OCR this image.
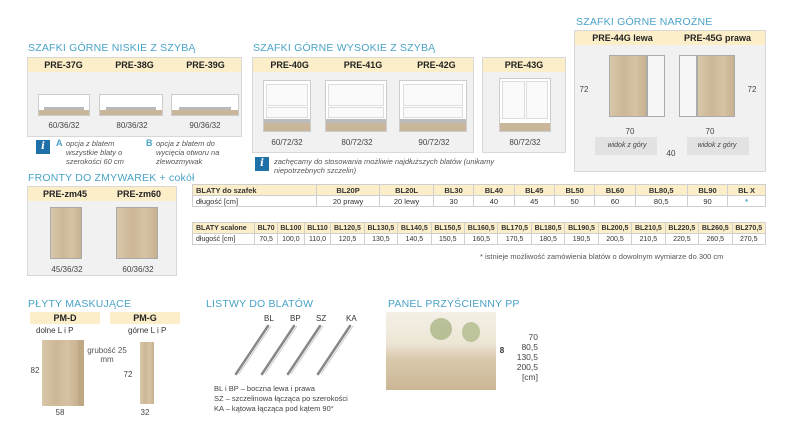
SZAFKI GÓRNE NISKIE Z SZYBĄ
PRE-37G	PRE-38G	PRE-39G
60/36/32	80/36/32	90/36/32
i	A opcja z blatem wszystkie blaty o szerokości 60 cm
B opcja z blatem do wycięcia otworu na zlewozmywak
SZAFKI GÓRNE WYSOKIE Z SZYBĄ
PRE-40G	PRE-41G	PRE-42G
60/72/32	80/72/32	90/72/32
PRE-43G
80/72/32
i	zachęcamy do stosowania możliwie najdłuższych blatów (unikamy niepotrzebnych szczelin)
SZAFKI GÓRNE NAROŻNE
PRE-44G lewa	PRE-45G prawa
72	72
70	70
widok z góry	widok z góry
40
FRONTY DO ZMYWAREK + cokół
PRE-zm45	PRE-zm60
45/36/32	60/36/32
BLATY do szafek	BL20P	BL20L	BL30	BL40	BL45	BL50	BL60	BL80,5	BL90	BL X
długość [cm]	20 prawy	20 lewy	30	40	45	50	60	80,5	90	*
BLATY scalone	BL70	BL100	BL110	BL120,5	BL130,5	BL140,5	BL150,5	BL160,5	BL170,5	BL180,5	BL190,5	BL200,5	BL210,5	BL220,5	BL260,5	BL270,5
długość [cm]	70,5	100,0	110,0	120,5	130,5	140,5	150,5	160,5	170,5	180,5	190,5	200,5	210,5	220,5	260,5	270,5
* istnieje możliwość zamówienia blatów o dowolnym wymiarze do 300 cm
PŁYTY MASKUJĄCE
PM-D	PM-G
dolne L i P	górne L i P
grubość 25 mm
82
58
72
32
LISTWY DO BLATÓW
BL BP SZ KA
BL i BP – boczna lewa i prawa
SZ – szczelinowa łącząca po szerokości
KA – kątowa łącząca pod kątem 90°
PANEL PRZYŚCIENNY PP
8
70
80,5
130,5
200,5
[cm]
